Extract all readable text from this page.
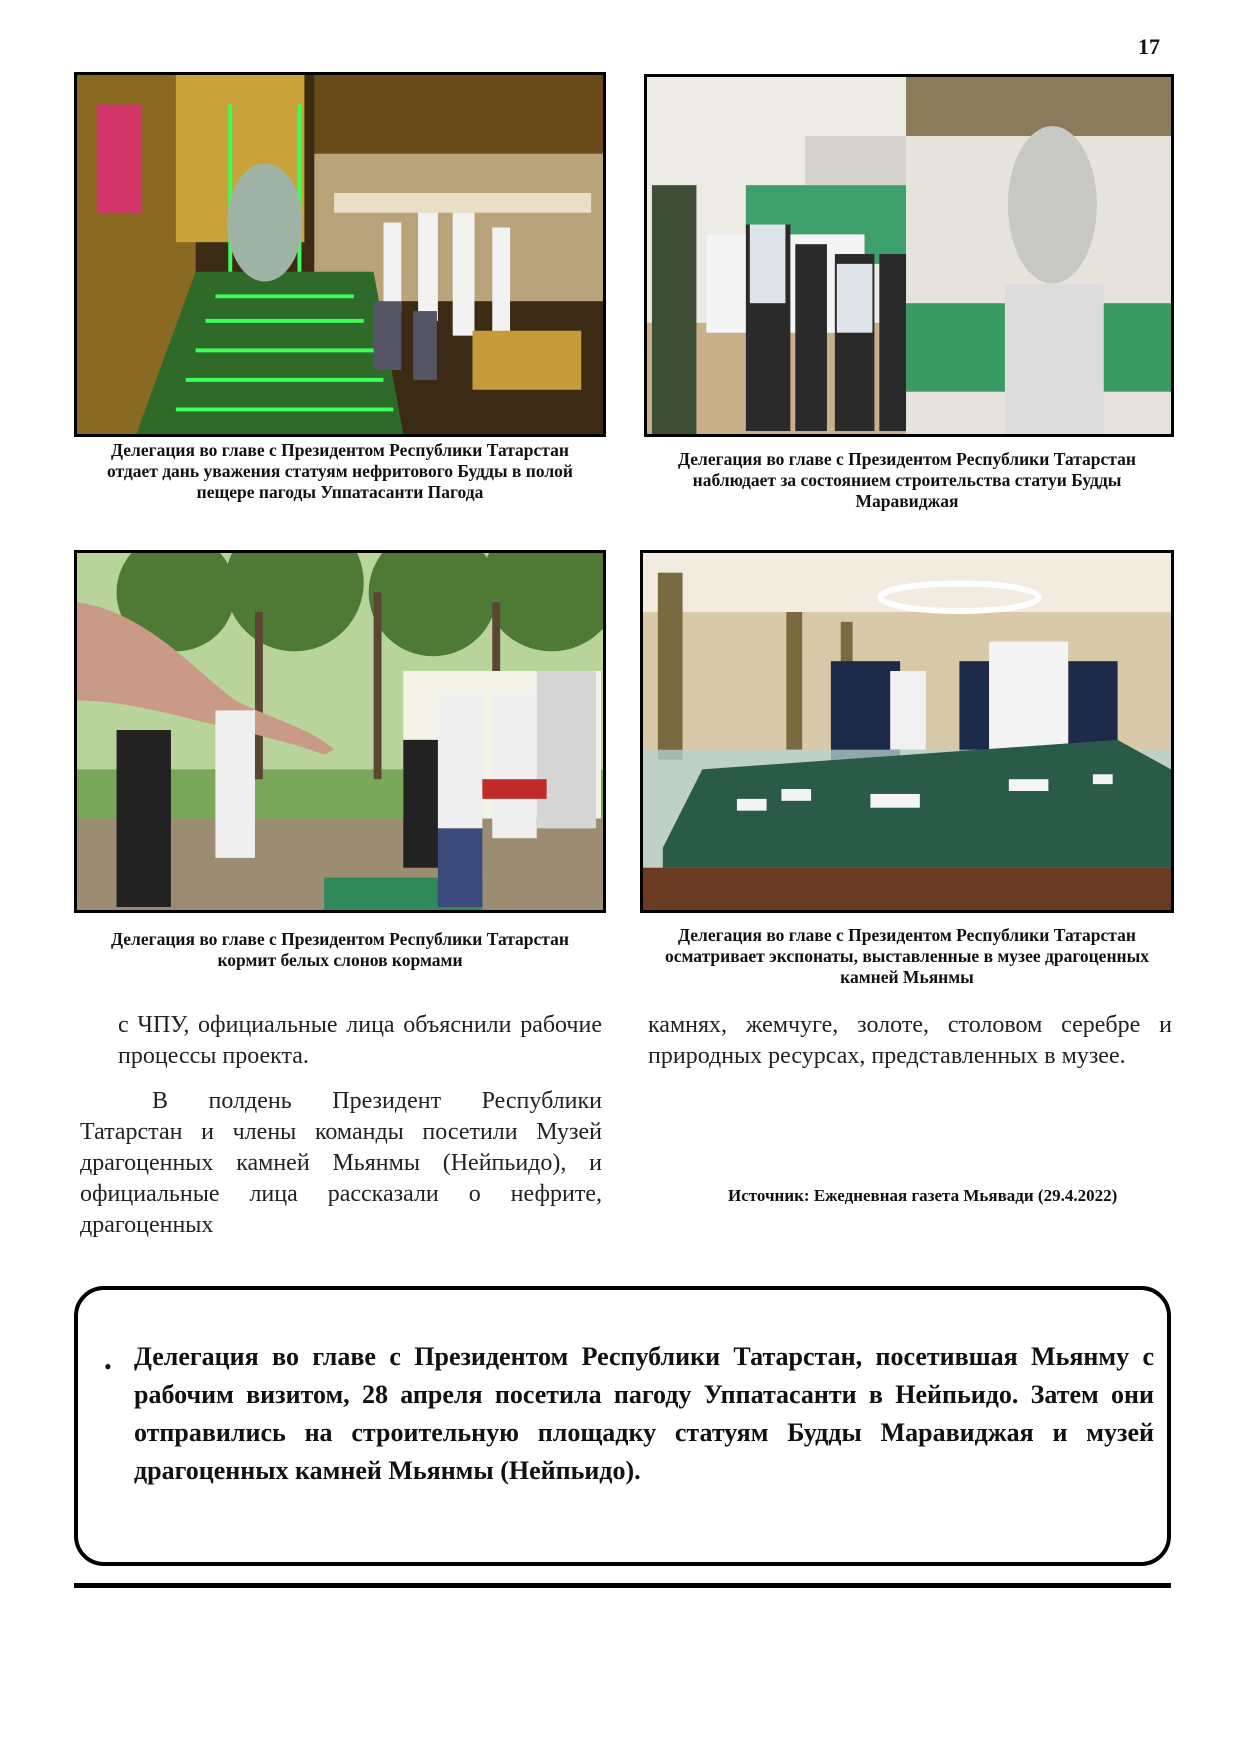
17
Делегация во главе с Президентом Республики Татарстан отдает дань уважения статуям нефритового Будды в полой пещере пагоды Уппатасанти Пагода
Делегация во главе с Президентом Республики Татарстан наблюдает за состоянием строительства статуи Будды Маравиджая
Делегация во главе с Президентом Республики Татарстан кормит белых слонов кормами
Делегация во главе с Президентом Республики Татарстан осматривает экспонаты, выставленные в музее драгоценных камней Мьянмы

с ЧПУ, официальные лица объяснили рабочие процессы проекта.

В полдень Президент Республики Татарстан и члены команды посетили Музей драгоценных камней Мьянмы (Нейпьидо), и официальные лица рассказали о нефрите, драгоценных

камнях, жемчуге, золоте, столовом серебре и природных ресурсах, представленных в музее.

Источник: Ежедневная газета Мьявади (29.4.2022)
• Делегация во главе с Президентом Республики Татарстан, посетившая Мьянму с рабочим визитом, 28 апреля посетила пагоду Уппатасанти в Нейпьидо. Затем они отправились на строительную площадку статуям Будды Маравиджая и музей драгоценных камней Мьянмы (Нейпьидо).
